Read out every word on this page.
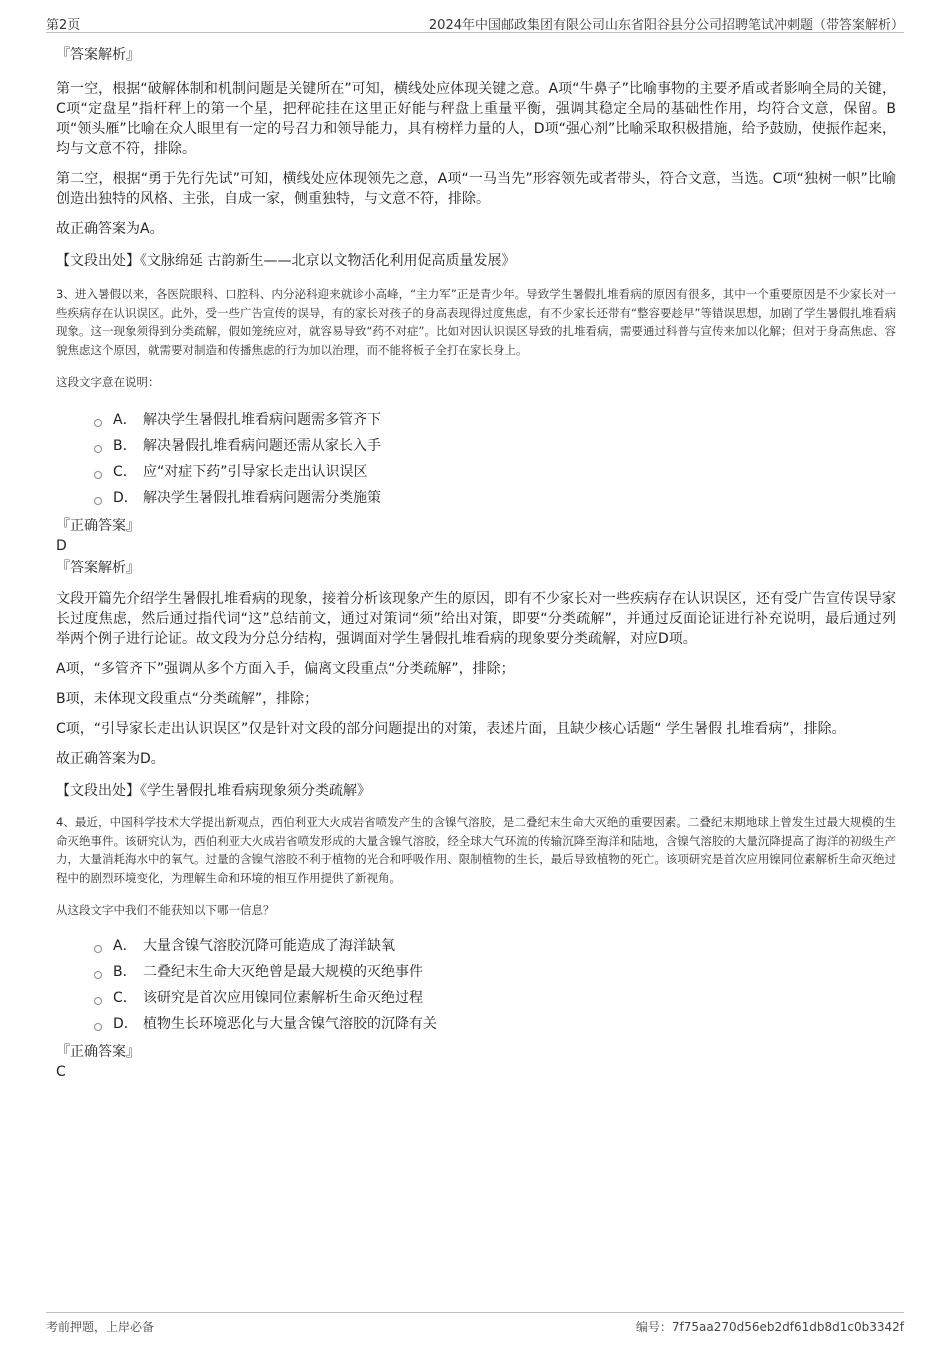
第2页	2024年中国邮政集团有限公司山东省阳谷县分公司招聘笔试冲刺题（带答案解析）

『答案解析』

第一空，根据“破解体制和机制问题是关键所在”可知，横线处应体现关键之意。A项“牛鼻子”比喻事物的主要矛盾或者影响全局的关键，C项“定盘星”指杆秤上的第一个星，把秤砣挂在这里正好能与秤盘上重量平衡，强调其稳定全局的基础性作用，均符合文意，保留。B项“领头雁”比喻在众人眼里有一定的号召力和领导能力，具有榜样力量的人，D项“强心剂”比喻采取积极措施，给予鼓励，使振作起来，均与文意不符，排除。

第二空，根据“勇于先行先试”可知，横线处应体现领先之意，A项“一马当先”形容领先或者带头，符合文意，当选。C项“独树一帜”比喻创造出独特的风格、主张，自成一家，侧重独特，与文意不符，排除。

故正确答案为A。

【文段出处】《文脉绵延 古韵新生——北京以文物活化利用促高质量发展》

3、进入暑假以来，各医院眼科、口腔科、内分泌科迎来就诊小高峰，“主力军”正是青少年。导致学生暑假扎堆看病的原因有很多，其中一个重要原因是不少家长对一些疾病存在认识误区。此外，受一些广告宣传的误导，有的家长对孩子的身高表现得过度焦虑，有不少家长还带有“整容要趁早”等错误思想，加剧了学生暑假扎堆看病 现象。这一现象须得到分类疏解，假如笼统应对，就容易导致“药不对症”。比如对因认识误区导致的扎堆看病，需要通过科普与宣传来加以化解；但对于身高焦虑、容貌焦虑这个原因，就需要对制造和传播焦虑的行为加以治理，而不能将板子全打在家长身上。

这段文字意在说明：

A． 解决学生暑假扎堆看病问题需多管齐下
B． 解决暑假扎堆看病问题还需从家长入手
C． 应“对症下药”引导家长走出认识误区
D． 解决学生暑假扎堆看病问题需分类施策

『正确答案』

D

『答案解析』

文段开篇先介绍学生暑假扎堆看病的现象，接着分析该现象产生的原因，即有不少家长对一些疾病存在认识误区，还有受广告宣传误导家长过度焦虑，然后通过指代词“这”总结前文，通过对策词“须”给出对策，即要“分类疏解”，并通过反面论证进行补充说明，最后通过列举两个例子进行论证。故文段为分总分结构，强调面对学生暑假扎堆看病的现象要分类疏解，对应D项。

A项，“多管齐下”强调从多个方面入手，偏离文段重点“分类疏解”，排除；

B项，未体现文段重点“分类疏解”，排除；

C项，“引导家长走出认识误区”仅是针对文段的部分问题提出的对策，表述片面，且缺少核心话题“ 学生暑假 扎堆看病”，排除。

故正确答案为D。

【文段出处】《学生暑假扎堆看病现象须分类疏解》

4、最近，中国科学技术大学提出新观点，西伯利亚大火成岩省喷发产生的含镍气溶胶，是二叠纪末生命大灭绝的重要因素。二叠纪末期地球上曾发生过最大规模的生命灭绝事件。该研究认为，西伯利亚大火成岩省喷发形成的大量含镍气溶胶，经全球大气环流的传输沉降至海洋和陆地，含镍气溶胶的大量沉降提高了海洋的初级生产力，大量消耗海水中的氧气。过量的含镍气溶胶不利于植物的光合和呼吸作用、限制植物的生长，最后导致植物的死亡。该项研究是首次应用镍同位素解析生命灭绝过程中的剧烈环境变化，为理解生命和环境的相互作用提供了新视角。

从这段文字中我们不能获知以下哪一信息？

A． 大量含镍气溶胶沉降可能造成了海洋缺氧
B． 二叠纪末生命大灭绝曾是最大规模的灭绝事件
C． 该研究是首次应用镍同位素解析生命灭绝过程
D． 植物生长环境恶化与大量含镍气溶胶的沉降有关

『正确答案』

C

考前押题，上岸必备	编号：7f75aa270d56eb2df61db8d1c0b3342f
